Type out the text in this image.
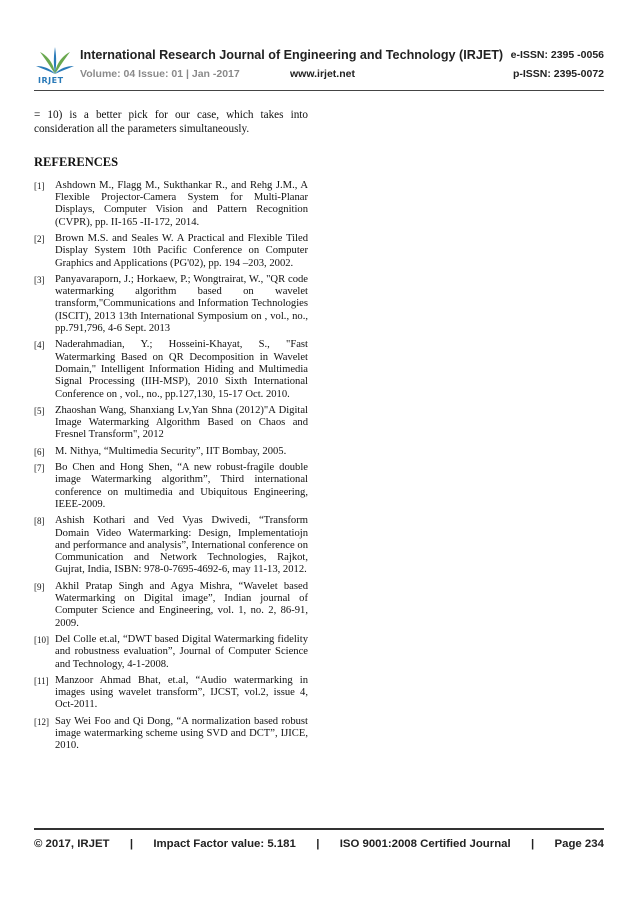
IRJET
International Research Journal of Engineering and Technology (IRJET) e-ISSN: 2395 -0056
Volume: 04 Issue: 01 | Jan -2017	www.irjet.net	p-ISSN: 2395-0072

= 10) is a better pick for our case, which takes into consideration all the parameters simultaneously.

REFERENCES
[1] Ashdown M., Flagg M., Sukthankar R., and Rehg J.M., A Flexible Projector-Camera System for Multi-Planar Displays, Computer Vision and Pattern Recognition (CVPR), pp. II-165 -II-172, 2014.
[2] Brown M.S. and Seales W. A Practical and Flexible Tiled Display System 10th Pacific Conference on Computer Graphics and Applications (PG'02), pp. 194 –203, 2002.
[3] Panyavaraporn, J.; Horkaew, P.; Wongtrairat, W., "QR code watermarking algorithm based on wavelet transform,"Communications and Information Technologies (ISCIT), 2013 13th International Symposium on , vol., no., pp.791,796, 4-6 Sept. 2013
[4] Naderahmadian, Y.; Hosseini-Khayat, S., "Fast Watermarking Based on QR Decomposition in Wavelet Domain," Intelligent Information Hiding and Multimedia Signal Processing (IIH-MSP), 2010 Sixth International Conference on , vol., no., pp.127,130, 15-17 Oct. 2010.
[5] Zhaoshan Wang, Shanxiang Lv,Yan Shna (2012)"A Digital Image Watermarking Algorithm Based on Chaos and Fresnel Transform", 2012
[6] M. Nithya, “Multimedia Security”, IIT Bombay, 2005.
[7] Bo Chen and Hong Shen, “A new robust-fragile double image Watermarking algorithm”, Third international conference on multimedia and Ubiquitous Engineering, IEEE-2009.
[8] Ashish Kothari and Ved Vyas Dwivedi, “Transform Domain Video Watermarking: Design, Implementatiojn and performance and analysis”, International conference on Communication and Network Technologies, Rajkot, Gujrat, India, ISBN: 978-0-7695-4692-6, may 11-13, 2012.
[9] Akhil Pratap Singh and Agya Mishra, “Wavelet based Watermarking on Digital image”, Indian journal of Computer Science and Engineering, vol. 1, no. 2, 86-91, 2009.
[10] Del Colle et.al, “DWT based Digital Watermarking fidelity and robustness evaluation”, Journal of Computer Science and Technology, 4-1-2008.
[11] Manzoor Ahmad Bhat, et.al, “Audio watermarking in images using wavelet transform”, IJCST, vol.2, issue 4, Oct-2011.
[12] Say Wei Foo and Qi Dong, “A normalization based robust image watermarking scheme using SVD and DCT”, IJICE, 2010.
© 2017, IRJET | Impact Factor value: 5.181 | ISO 9001:2008 Certified Journal | Page 234
